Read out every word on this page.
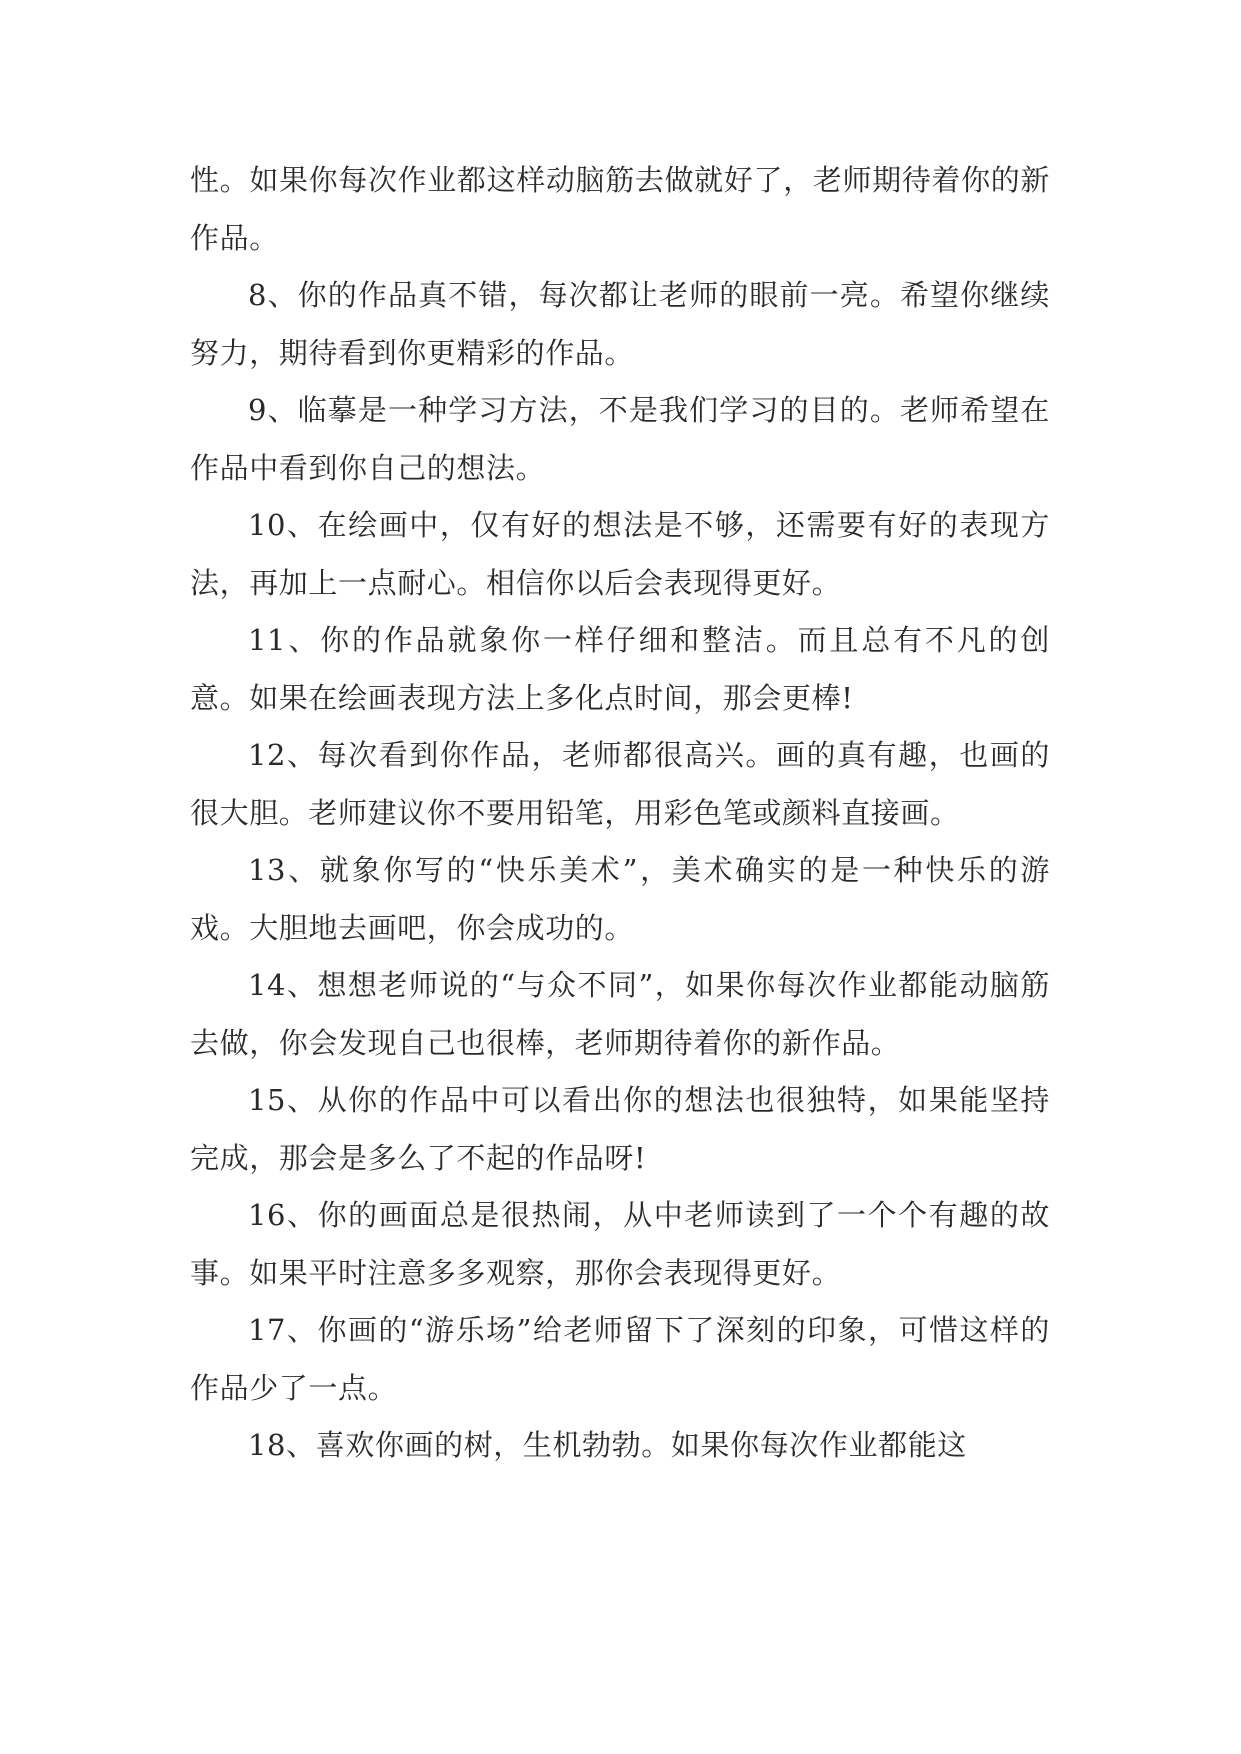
性。如果你每次作业都这样动脑筋去做就好了，老师期待着你的新作品。

8、你的作品真不错，每次都让老师的眼前一亮。希望你继续努力，期待看到你更精彩的作品。

9、临摹是一种学习方法，不是我们学习的目的。老师希望在作品中看到你自己的想法。

10、在绘画中，仅有好的想法是不够，还需要有好的表现方法，再加上一点耐心。相信你以后会表现得更好。

11、你的作品就象你一样仔细和整洁。而且总有不凡的创意。如果在绘画表现方法上多化点时间，那会更棒!

12、每次看到你作品，老师都很高兴。画的真有趣，也画的很大胆。老师建议你不要用铅笔，用彩色笔或颜料直接画。

13、就象你写的“快乐美术”，美术确实的是一种快乐的游戏。大胆地去画吧，你会成功的。

14、想想老师说的“与众不同”，如果你每次作业都能动脑筋去做，你会发现自己也很棒，老师期待着你的新作品。

15、从你的作品中可以看出你的想法也很独特，如果能坚持完成，那会是多么了不起的作品呀!

16、你的画面总是很热闹，从中老师读到了一个个有趣的故事。如果平时注意多多观察，那你会表现得更好。

17、你画的“游乐场”给老师留下了深刻的印象，可惜这样的作品少了一点。

18、喜欢你画的树，生机勃勃。如果你每次作业都能这
